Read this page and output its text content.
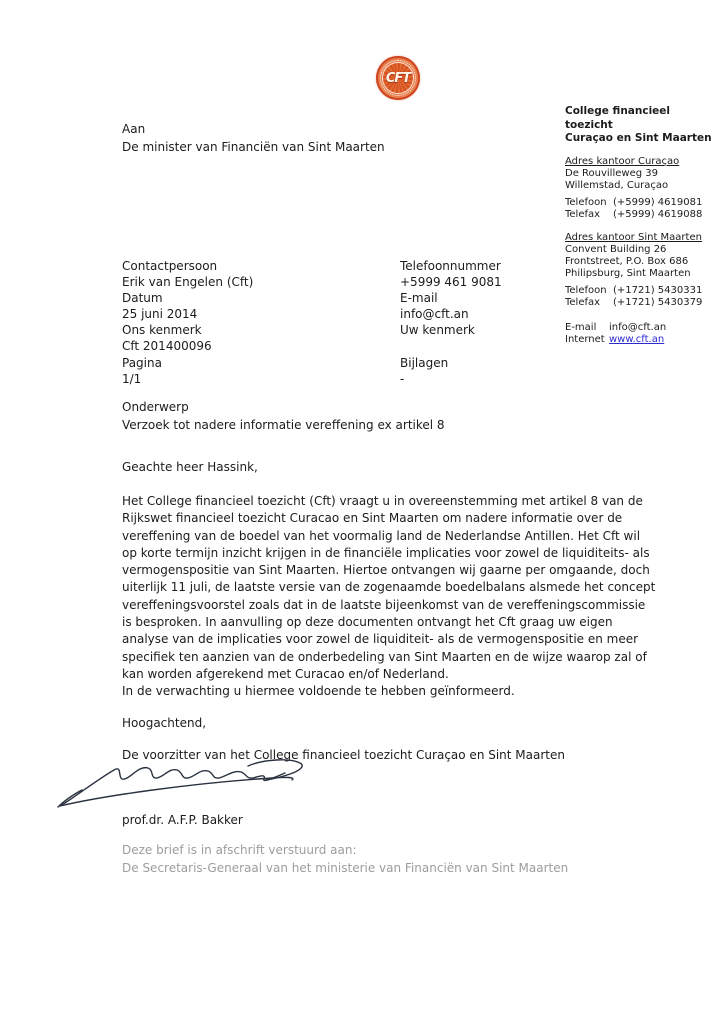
CFT
College financieel toezicht
Curaçao en Sint Maarten
Adres kantoor Curaçao
De Rouvilleweg 39
Willemstad, Curaçao
Telefoon (+5999) 4619081
Telefax	(+5999) 4619088
Adres kantoor Sint Maarten
Convent Building 26
Frontstreet, P.O. Box 686
Philipsburg, Sint Maarten
Telefoon (+1721) 5430331
Telefax	(+1721) 5430379
E-mail	info@cft.an
Internet www.cft.an
Aan
De minister van Financiën van Sint Maarten
Contactpersoon
Erik van Engelen (Cft)
Datum
25 juni 2014
Ons kenmerk
Cft 201400096
Pagina
1/1
Telefoonnummer
+5999 461 9081
E-mail
info@cft.an
Uw kenmerk

Bijlagen
-
Onderwerp
Verzoek tot nadere informatie vereffening ex artikel 8
Geachte heer Hassink,
Het College financieel toezicht (Cft) vraagt u in overeenstemming met artikel 8 van de
Rijkswet financieel toezicht Curacao en Sint Maarten om nadere informatie over de
vereffening van de boedel van het voormalig land de Nederlandse Antillen. Het Cft wil
op korte termijn inzicht krijgen in de financiële implicaties voor zowel de liquiditeits- als
vermogenspositie van Sint Maarten. Hiertoe ontvangen wij gaarne per omgaande, doch
uiterlijk 11 juli, de laatste versie van de zogenaamde boedelbalans alsmede het concept
vereffeningsvoorstel zoals dat in de laatste bijeenkomst van de vereffeningscommissie
is besproken. In aanvulling op deze documenten ontvangt het Cft graag uw eigen
analyse van de implicaties voor zowel de liquiditeit- als de vermogenspositie en meer
specifiek ten aanzien van de onderbedeling van Sint Maarten en de wijze waarop zal of
kan worden afgerekend met Curacao en/of Nederland.
In de verwachting u hiermee voldoende te hebben geïnformeerd.
Hoogachtend,
De voorzitter van het College financieel toezicht Curaçao en Sint Maarten
prof.dr. A.F.P. Bakker
Deze brief is in afschrift verstuurd aan:
De Secretaris-Generaal van het ministerie van Financiën van Sint Maarten
